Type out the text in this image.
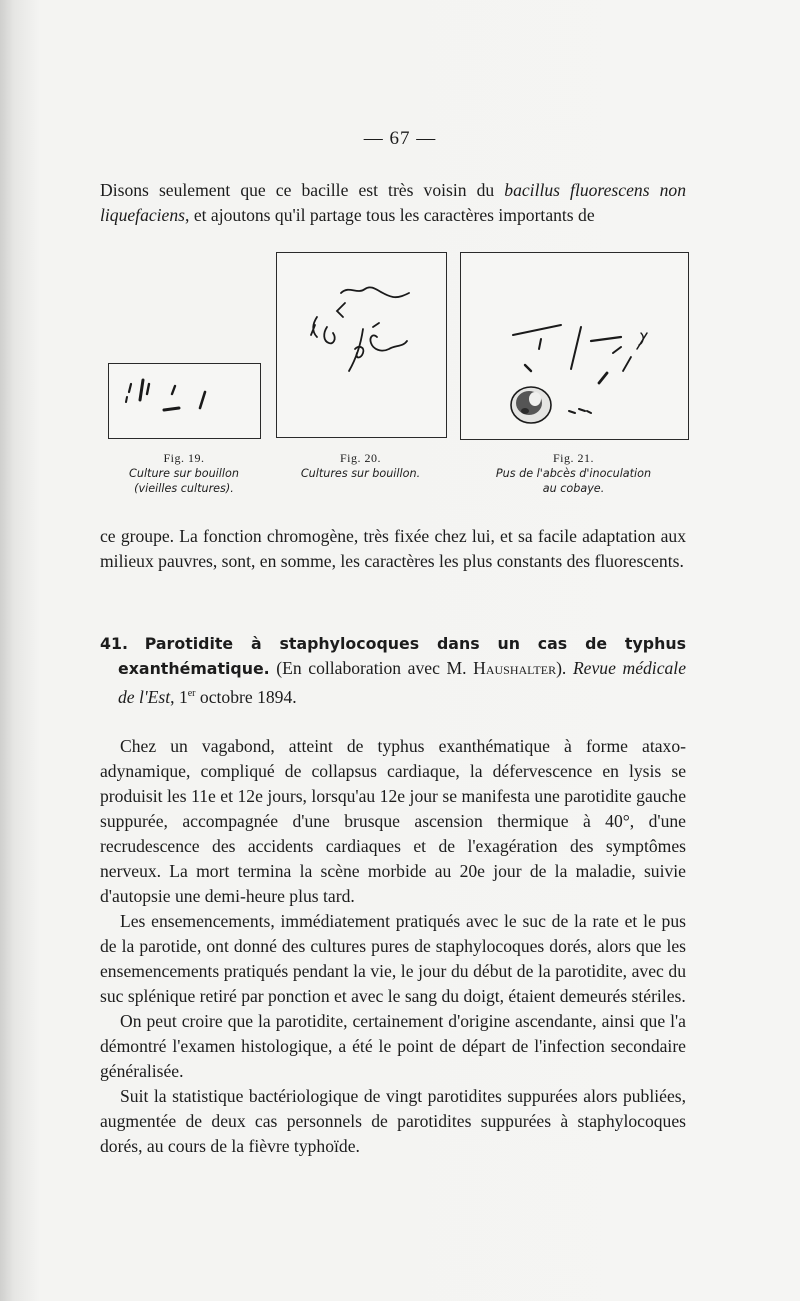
— 67 —

Disons seulement que ce bacille est très voisin du bacillus fluorescens non liquefaciens, et ajoutons qu'il partage tous les caractères importants de

Fig. 19.
Culture sur bouillon
(vieilles cultures).
Fig. 20.
Cultures sur bouillon.
Fig. 21.
Pus de l'abcès d'inoculation
au cobaye.

ce groupe. La fonction chromogène, très fixée chez lui, et sa facile adaptation aux milieux pauvres, sont, en somme, les caractères les plus constants des fluorescents.

41. Parotidite à staphylocoques dans un cas de typhus exanthématique. (En collaboration avec M. Haushalter). Revue médicale de l'Est, 1er octobre 1894.

Chez un vagabond, atteint de typhus exanthématique à forme ataxo-adynamique, compliqué de collapsus cardiaque, la défervescence en lysis se produisit les 11e et 12e jours, lorsqu'au 12e jour se manifesta une parotidite gauche suppurée, accompagnée d'une brusque ascension thermique à 40°, d'une recrudescence des accidents cardiaques et de l'exagération des symptômes nerveux. La mort termina la scène morbide au 20e jour de la maladie, suivie d'autopsie une demi-heure plus tard.

Les ensemencements, immédiatement pratiqués avec le suc de la rate et le pus de la parotide, ont donné des cultures pures de staphylocoques dorés, alors que les ensemencements pratiqués pendant la vie, le jour du début de la parotidite, avec du suc splénique retiré par ponction et avec le sang du doigt, étaient demeurés stériles.

On peut croire que la parotidite, certainement d'origine ascendante, ainsi que l'a démontré l'examen histologique, a été le point de départ de l'infection secondaire généralisée.

Suit la statistique bactériologique de vingt parotidites suppurées alors publiées, augmentée de deux cas personnels de parotidites suppurées à staphylocoques dorés, au cours de la fièvre typhoïde.
